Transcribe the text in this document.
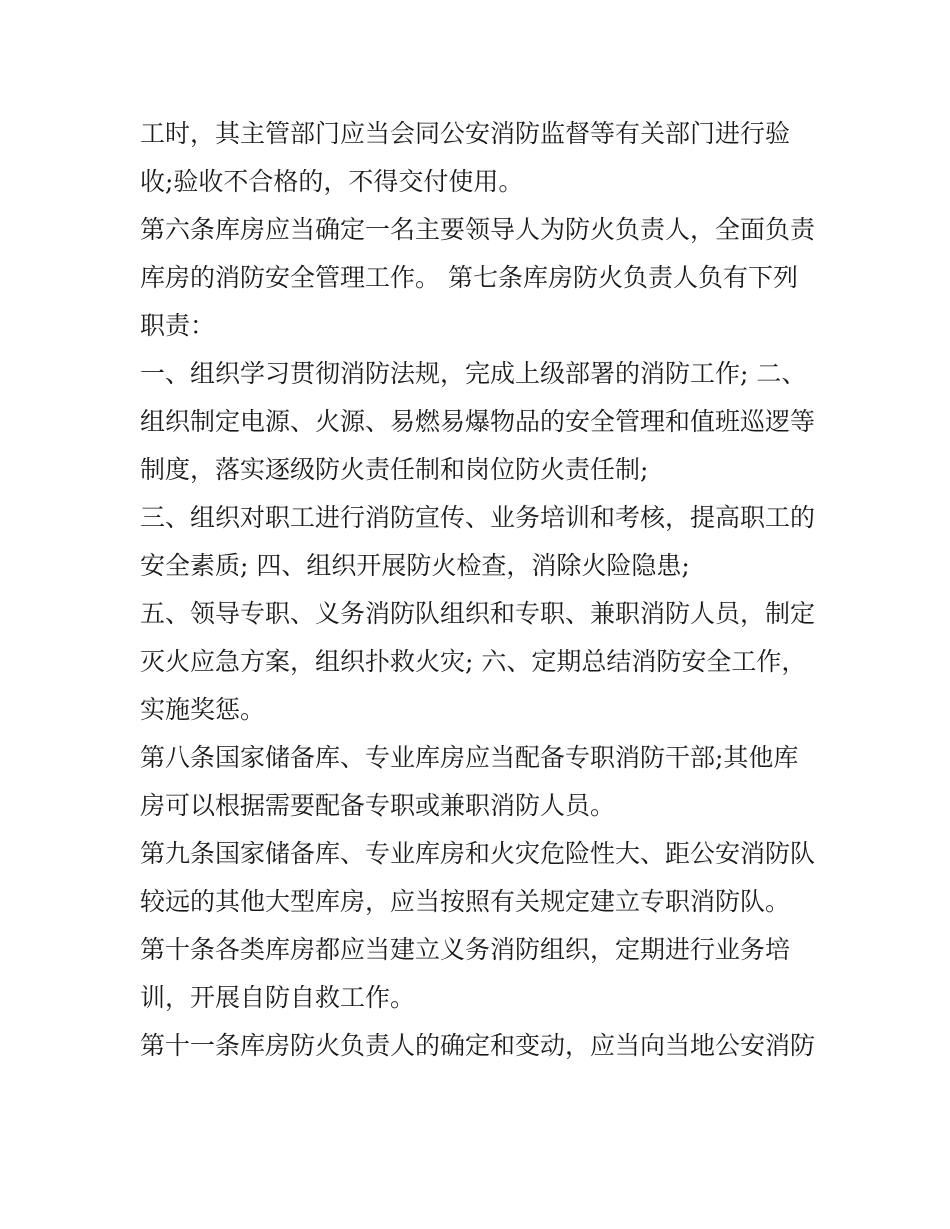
工时，其主管部门应当会同公安消防监督等有关部门进行验
收;验收不合格的，不得交付使用。
第六条库房应当确定一名主要领导人为防火负责人，全面负责
库房的消防安全管理工作。 第七条库房防火负责人负有下列
职责：
一、组织学习贯彻消防法规，完成上级部署的消防工作; 二、
组织制定电源、火源、易燃易爆物品的安全管理和值班巡逻等
制度，落实逐级防火责任制和岗位防火责任制;
三、组织对职工进行消防宣传、业务培训和考核，提高职工的
安全素质; 四、组织开展防火检查，消除火险隐患;
五、领导专职、义务消防队组织和专职、兼职消防人员，制定
灭火应急方案，组织扑救火灾; 六、定期总结消防安全工作，
实施奖惩。
第八条国家储备库、专业库房应当配备专职消防干部;其他库
房可以根据需要配备专职或兼职消防人员。
第九条国家储备库、专业库房和火灾危险性大、距公安消防队
较远的其他大型库房，应当按照有关规定建立专职消防队。
第十条各类库房都应当建立义务消防组织，定期进行业务培
训，开展自防自救工作。
第十一条库房防火负责人的确定和变动，应当向当地公安消防
